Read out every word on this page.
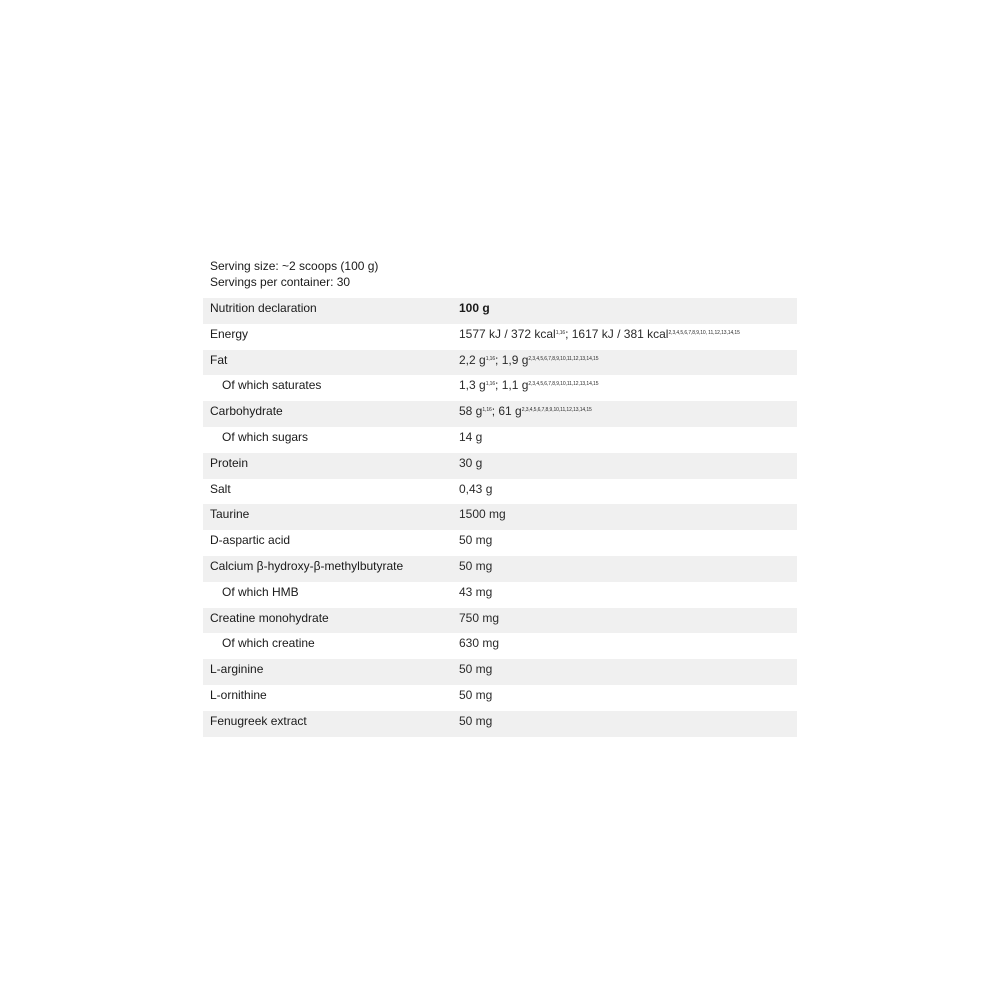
Serving size: ~2 scoops (100 g)
Servings per container: 30
Nutrition declaration	100 g
Energy	1577 kJ / 372 kcal$^{1,16}$; 1617 kJ / 381 kcal$^{2,3,4,5,6,7,8,9,10, 11,12,13,14,15}$
Fat	2,2 $g^{1,16}$; 1,9 $g^{2,3,4,5,6,7,8,9,10,11,12,13,14,15}$
Of which saturates	1,3 $g^{1,16}$; 1,1 $g^{2,3,4,5,6,7,8,9,10,11,12,13,14,15}$
Carbohydrate	58 $g^{1,16}$; 61 $g^{2,3,4,5,6,7,8,9,10,11,12,13,14,15}$
Of which sugars	14 g
Protein	30 g
Salt	0,43 g
Taurine	1500 mg
D-aspartic acid	50 mg
Calcium β-hydroxy-β-methylbutyrate	50 mg
Of which HMB	43 mg
Creatine monohydrate	750 mg
Of which creatine	630 mg
L-arginine	50 mg
L-ornithine	50 mg
Fenugreek extract	50 mg
